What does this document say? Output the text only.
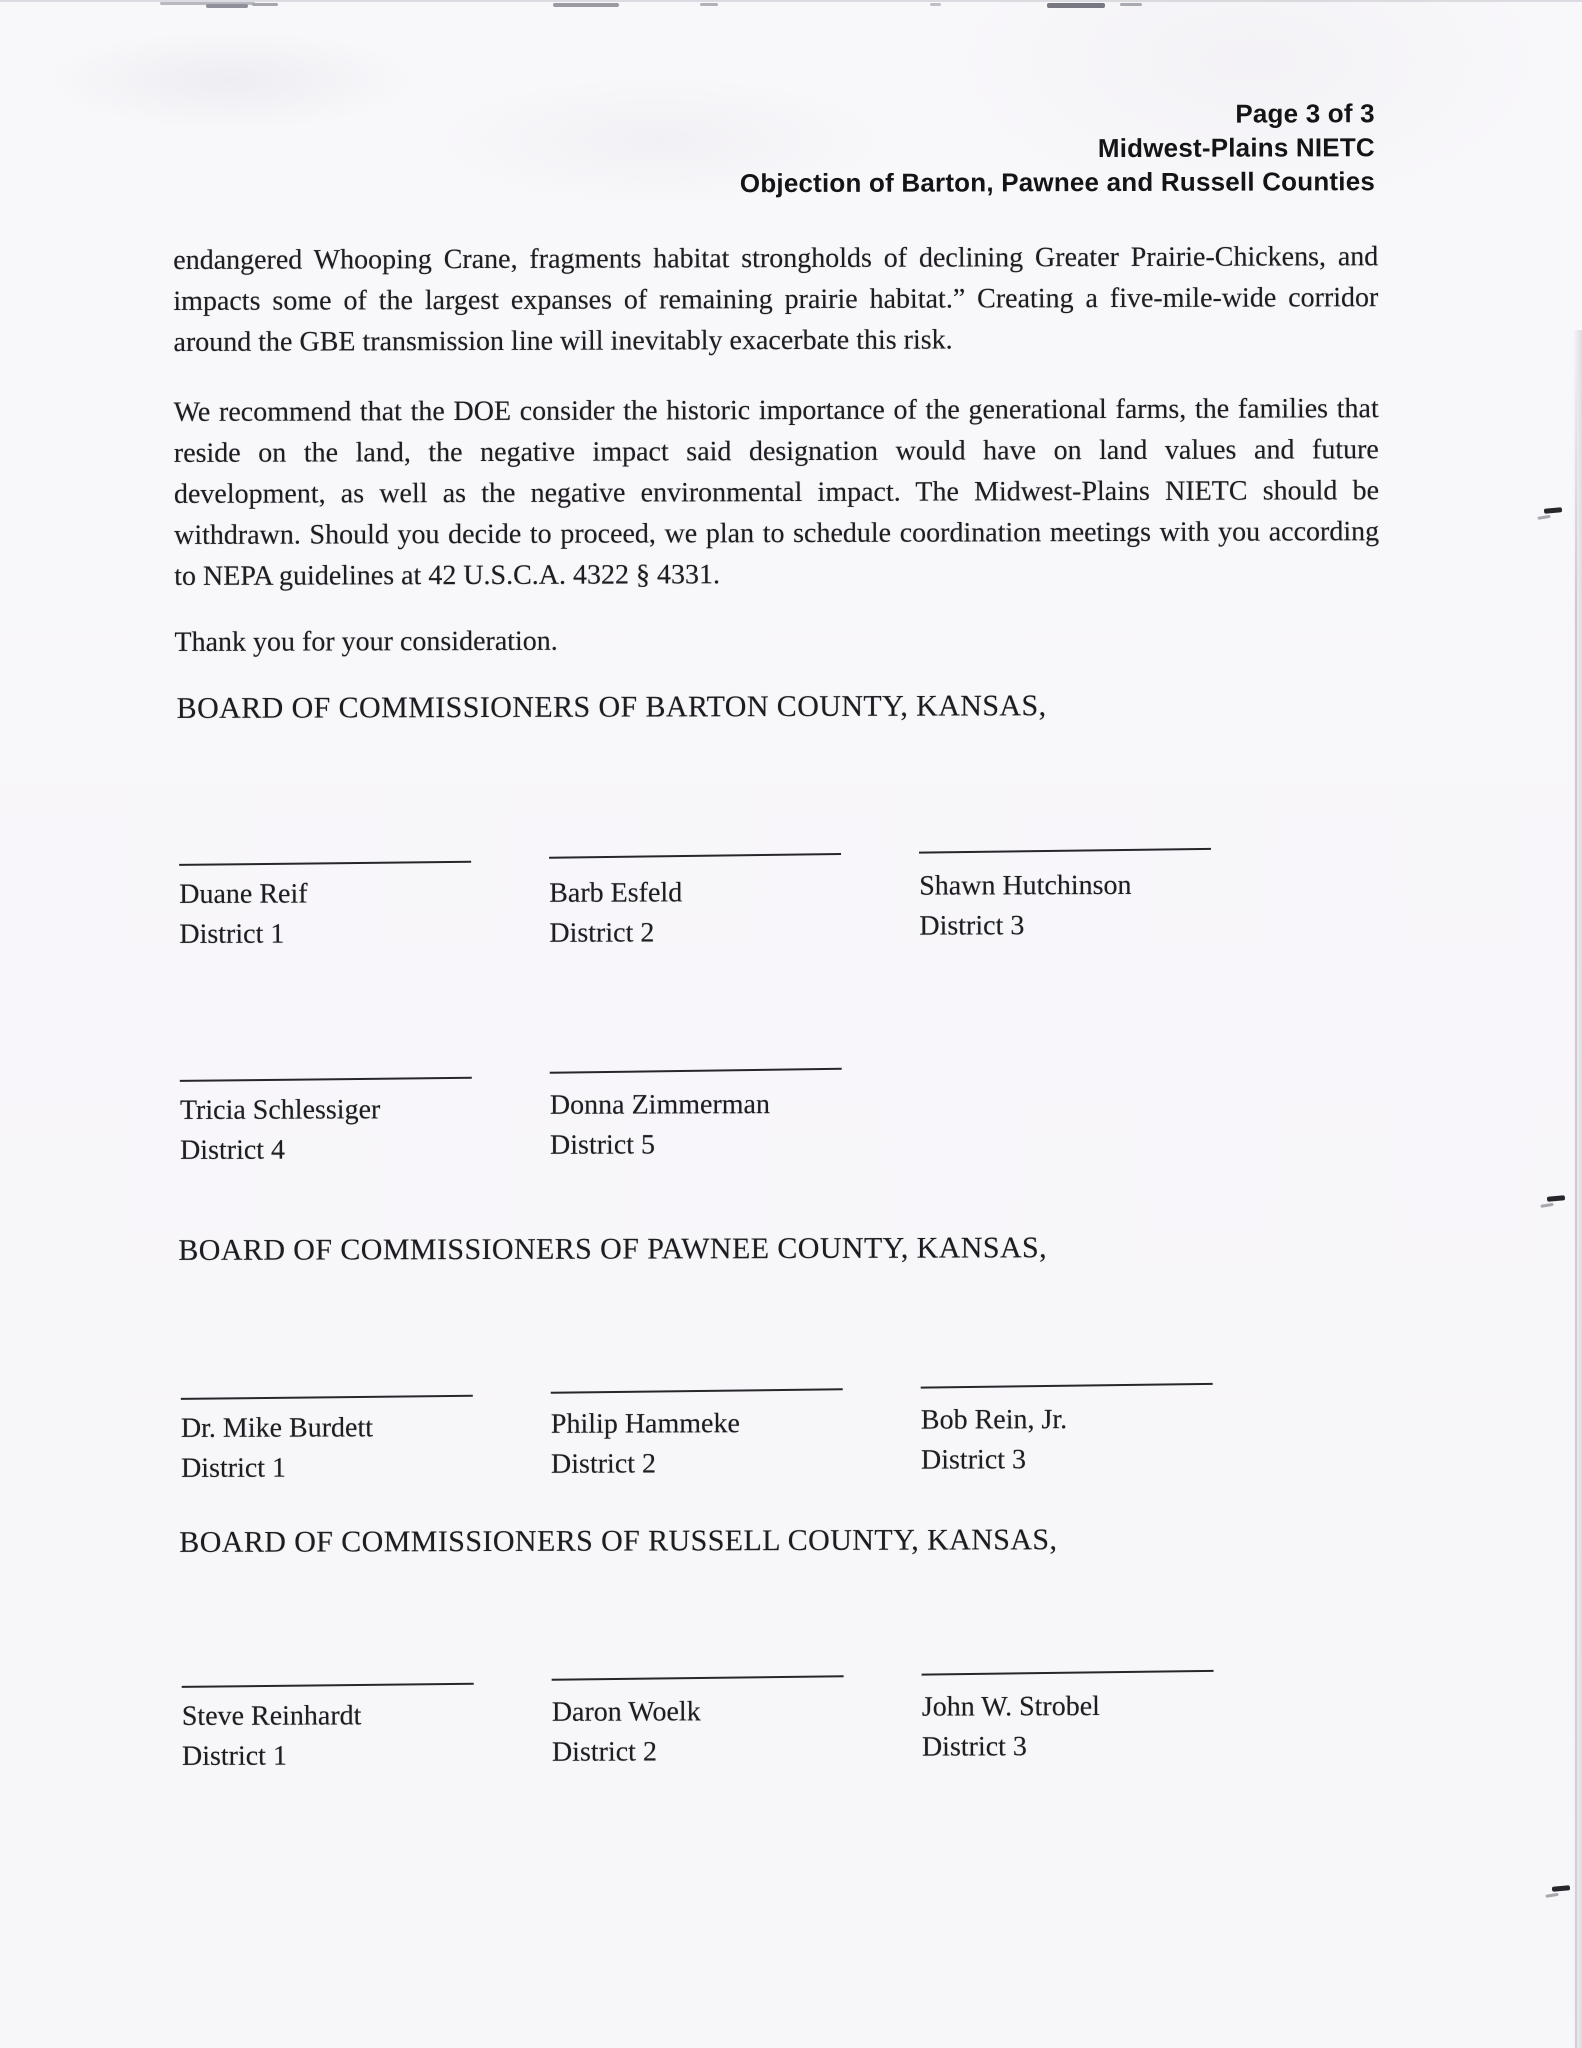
Page 3 of 3
Midwest-Plains NIETC
Objection of Barton, Pawnee and Russell Counties

endangered Whooping Crane, fragments habitat strongholds of declining Greater Prairie-Chickens, and impacts some of the largest expanses of remaining prairie habitat.” Creating a five-mile-wide corridor around the GBE transmission line will inevitably exacerbate this risk.

We recommend that the DOE consider the historic importance of the generational farms, the families that reside on the land, the negative impact said designation would have on land values and future development, as well as the negative environmental impact. The Midwest-Plains NIETC should be withdrawn. Should you decide to proceed, we plan to schedule coordination meetings with you according to NEPA guidelines at 42 U.S.C.A. 4322 § 4331.

Thank you for your consideration.

BOARD OF COMMISSIONERS OF BARTON COUNTY, KANSAS,
Duane Reif
District 1
Barb Esfeld
District 2
Shawn Hutchinson
District 3
Tricia Schlessiger
District 4
Donna Zimmerman
District 5
BOARD OF COMMISSIONERS OF PAWNEE COUNTY, KANSAS,
Dr. Mike Burdett
District 1
Philip Hammeke
District 2
Bob Rein, Jr.
District 3
BOARD OF COMMISSIONERS OF RUSSELL COUNTY, KANSAS,
Steve Reinhardt
District 1
Daron Woelk
District 2
John W. Strobel
District 3
